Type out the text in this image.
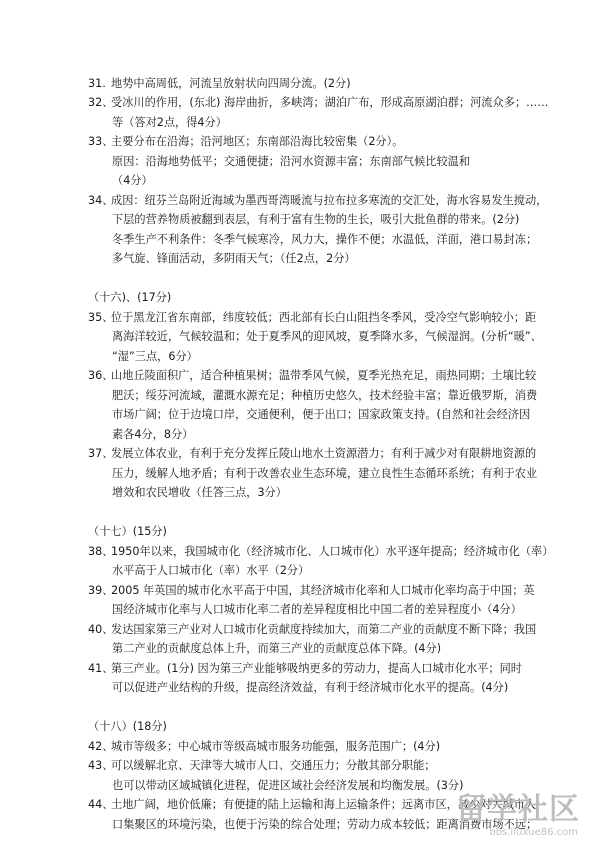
31. 地势中高周低，河流呈放射状向四周分流。(2分)
32、受冰川的作用，(东北) 海岸曲折，多峡湾；湖泊广布，形成高原湖泊群；河流众多；……
等（答对2点，得4分）
33、主要分布在沿海；沿河地区；东南部沿海比较密集（2分）。
原因：沿海地势低平；交通便捷；沿河水资源丰富；东南部气候比较温和
（4分）
34、成因：纽芬兰岛附近海域为墨西哥湾暖流与拉布拉多寒流的交汇处，海水容易发生搅动，
下层的营养物质被翻到表层，有利于富有生物的生长，吸引大批鱼群的带来。(2分)
冬季生产不利条件：冬季气候寒冷，风力大，操作不便；水温低，洋面，港口易封冻；
多气旋、锋面活动，多阴雨天气；（任2点，2分）
（十六)、(17分)
35、位于黑龙江省东南部，纬度较低；西北部有长白山阻挡冬季风，受冷空气影响较小；距
离海洋较近，气候较温和；处于夏季风的迎风坡，夏季降水多，气候湿润。(分析“暖”、
“湿”三点，6分）
36、山地丘陵面积广，适合种植果树；温带季风气候，夏季光热充足，雨热同期；土壤比较
肥沃；绥芬河流域，灌溉水源充足；种植历史悠久，技术经验丰富；靠近俄罗斯，消费
市场广阔；位于边境口岸，交通便利，便于出口；国家政策支持。(自然和社会经济因
素各4分，8分）
37、发展立体农业，有利于充分发挥丘陵山地水土资源潜力；有利于减少对有限耕地资源的
压力，缓解人地矛盾；有利于改善农业生态环境，建立良性生态循环系统；有利于农业
增效和农民增收（任答三点，3分）
（十七）(15分)
38、1950年以来，我国城市化（经济城市化、人口城市化）水平逐年提高；经济城市化（率）
水平高于人口城市化（率）水平（2分）
39、2005 年英国的城市化水平高于中国，其经济城市化率和人口城市化率均高于中国；英
国经济城市化率与人口城市化率二者的差异程度相比中国二者的差异程度小（4分）
40、发达国家第三产业对人口城市化贡献度持续加大，而第二产业的贡献度不断下降；我国
第二产业的贡献度总体上升，而第三产业的贡献度总体下降。(4分)
41、第三产业。(1分) 因为第三产业能够吸纳更多的劳动力，提高人口城市化水平；同时
可以促进产业结构的升级，提高经济效益，有利于经济城市化水平的提高。(4分)
（十八）(18分)
42、城市等级多；中心城市等级高城市服务功能强，服务范围广；(4分)
43、可以缓解北京、天津等大城市人口、交通压力；分散其部分职能；
也可以带动区域城镇化进程，促进区域社会经济发展和均衡发展。(3分)
44、土地广阔，地价低廉；有便捷的陆上运输和海上运输条件；远离市区，减少对大城市人
口集聚区的环境污染，也便于污染的综合处理；劳动力成本较低；距离消费市场不远；
留学社区
bbs.liuxue86.com
